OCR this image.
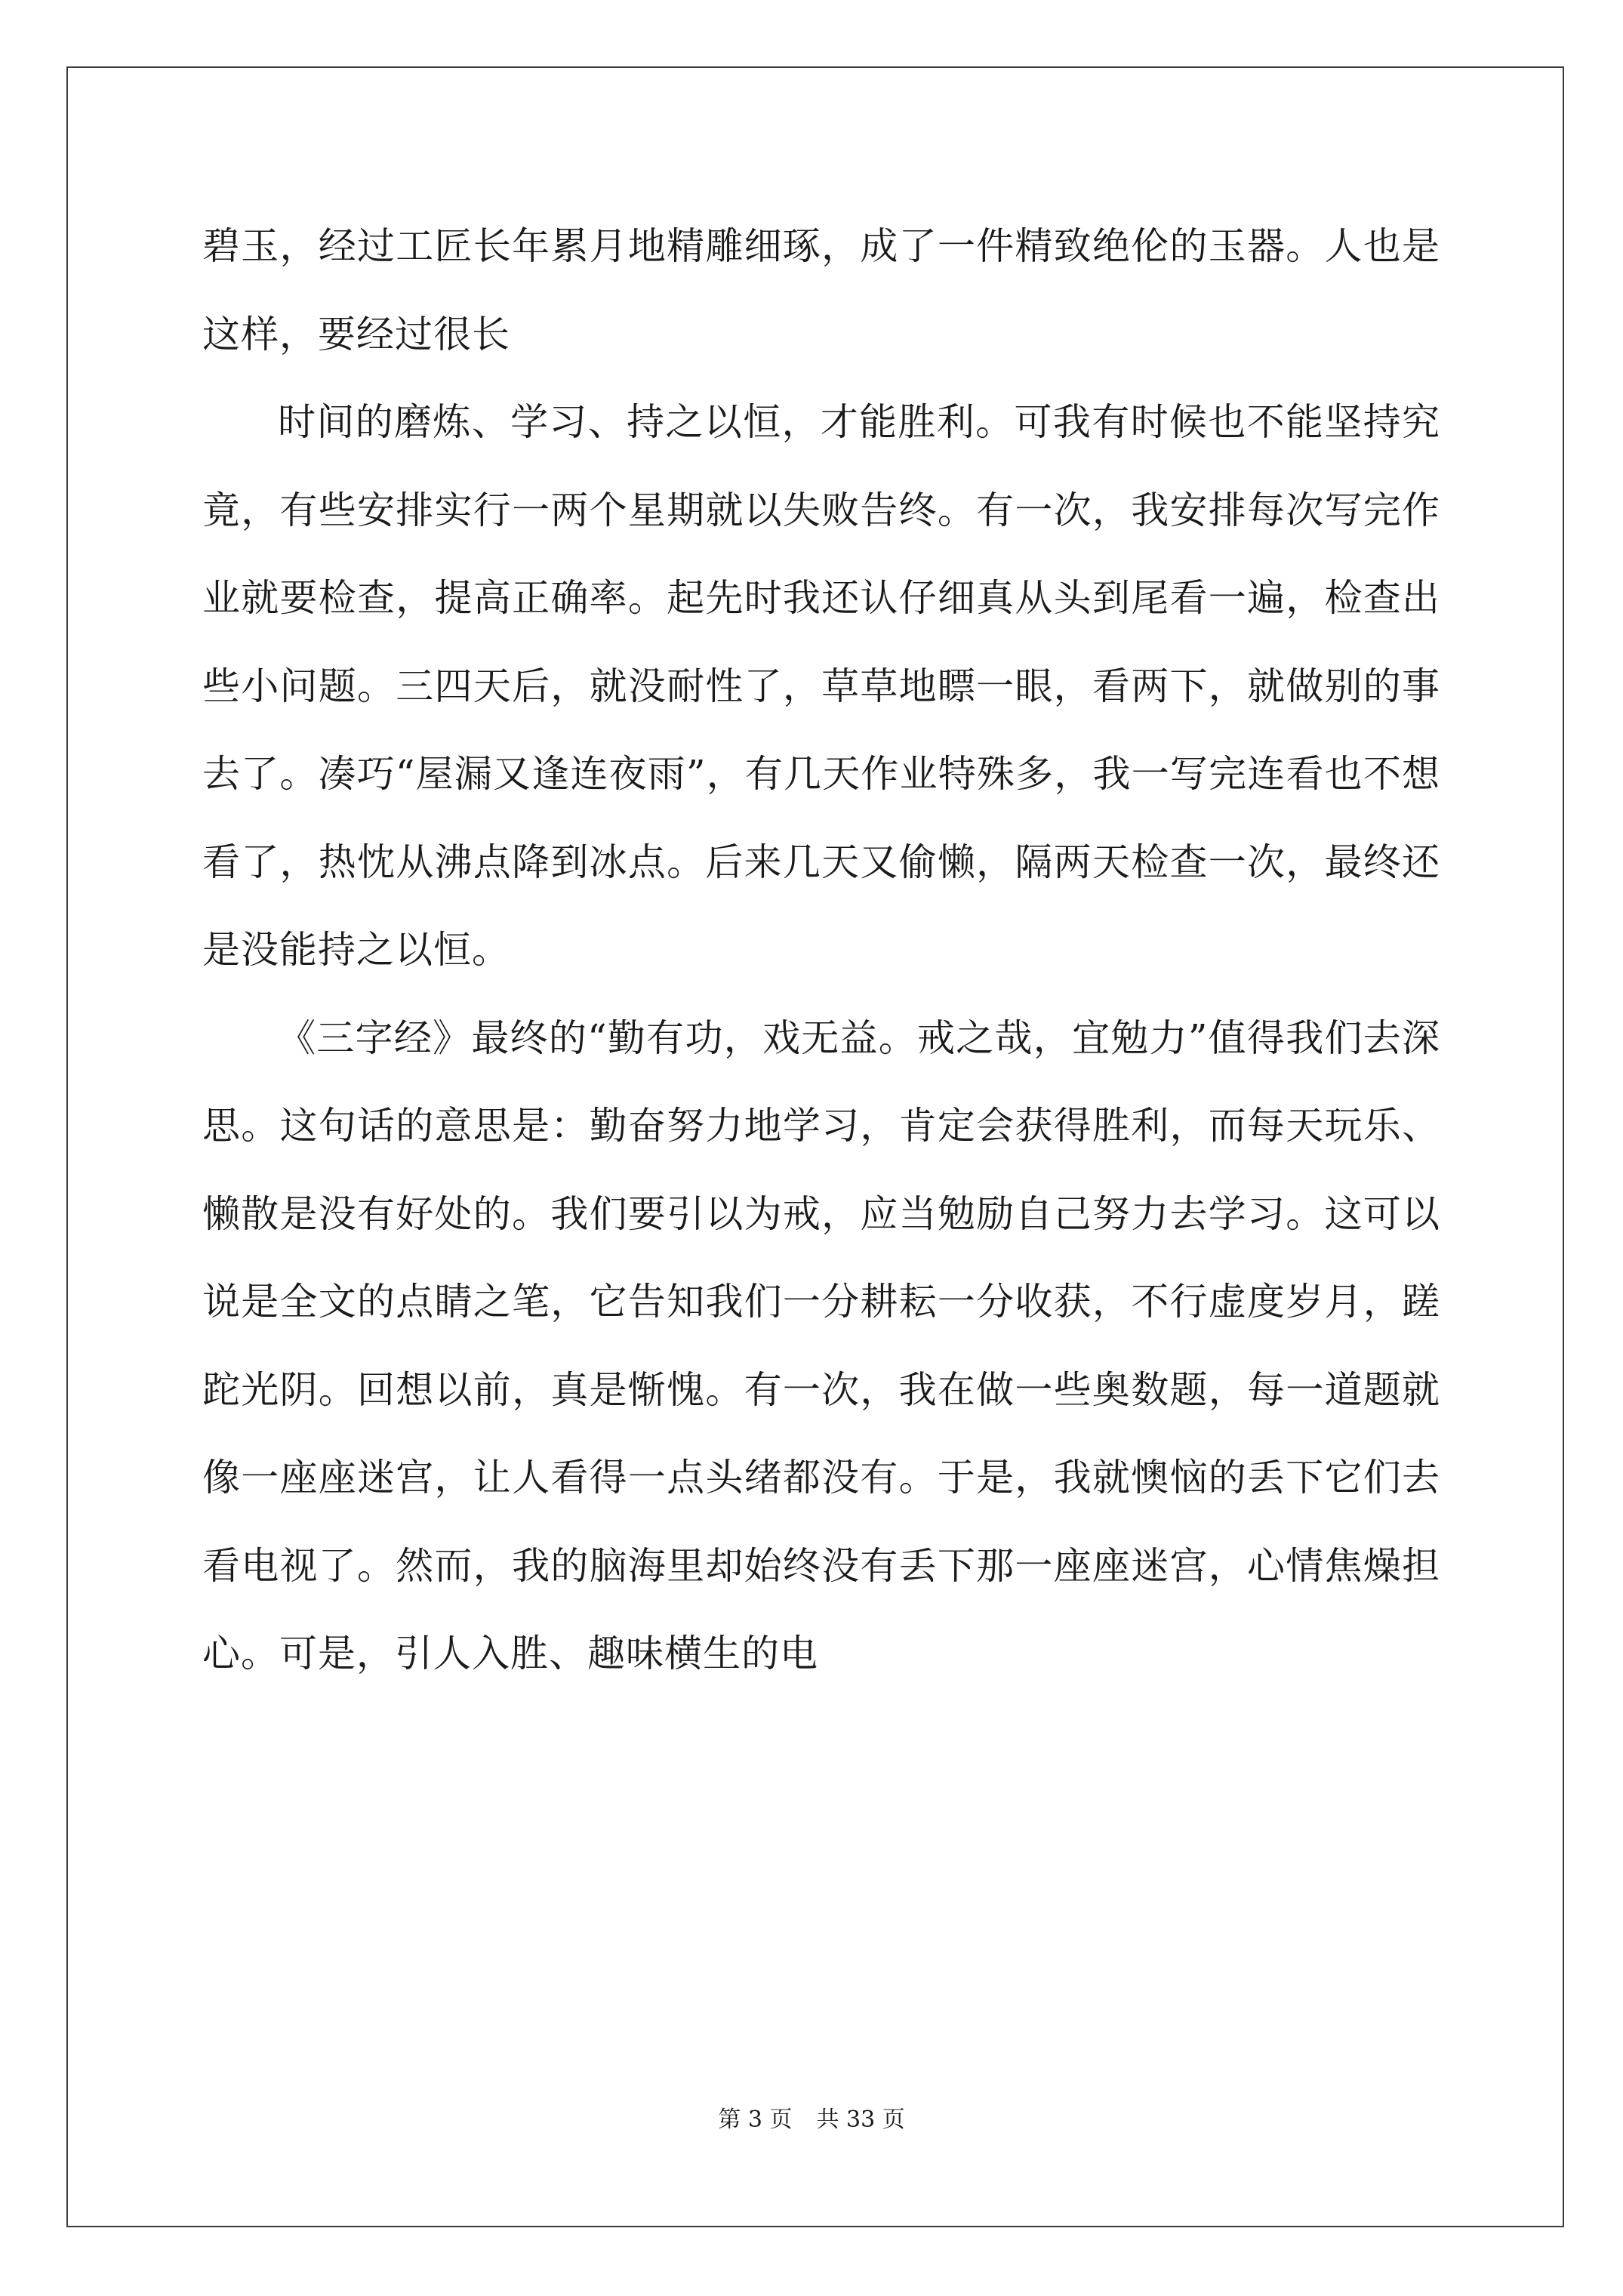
碧玉，经过工匠长年累月地精雕细琢，成了一件精致绝伦的玉器。人也是这样，要经过很长

时间的磨炼、学习、持之以恒，才能胜利。可我有时候也不能坚持究竟，有些安排实行一两个星期就以失败告终。有一次，我安排每次写完作业就要检查，提高正确率。起先时我还认仔细真从头到尾看一遍，检查出些小问题。三四天后，就没耐性了，草草地瞟一眼，看两下，就做别的事去了。凑巧“屋漏又逢连夜雨”，有几天作业特殊多，我一写完连看也不想看了，热忱从沸点降到冰点。后来几天又偷懒，隔两天检查一次，最终还是没能持之以恒。

《三字经》最终的“勤有功，戏无益。戒之哉，宜勉力”值得我们去深思。这句话的意思是：勤奋努力地学习，肯定会获得胜利，而每天玩乐、懒散是没有好处的。我们要引以为戒，应当勉励自己努力去学习。这可以说是全文的点睛之笔，它告知我们一分耕耘一分收获，不行虚度岁月，蹉跎光阴。回想以前，真是惭愧。有一次，我在做一些奥数题，每一道题就像一座座迷宫，让人看得一点头绪都没有。于是，我就懊恼的丢下它们去看电视了。然而，我的脑海里却始终没有丢下那一座座迷宫，心情焦燥担心。可是，引人入胜、趣味横生的电

第 3 页 共 33 页
